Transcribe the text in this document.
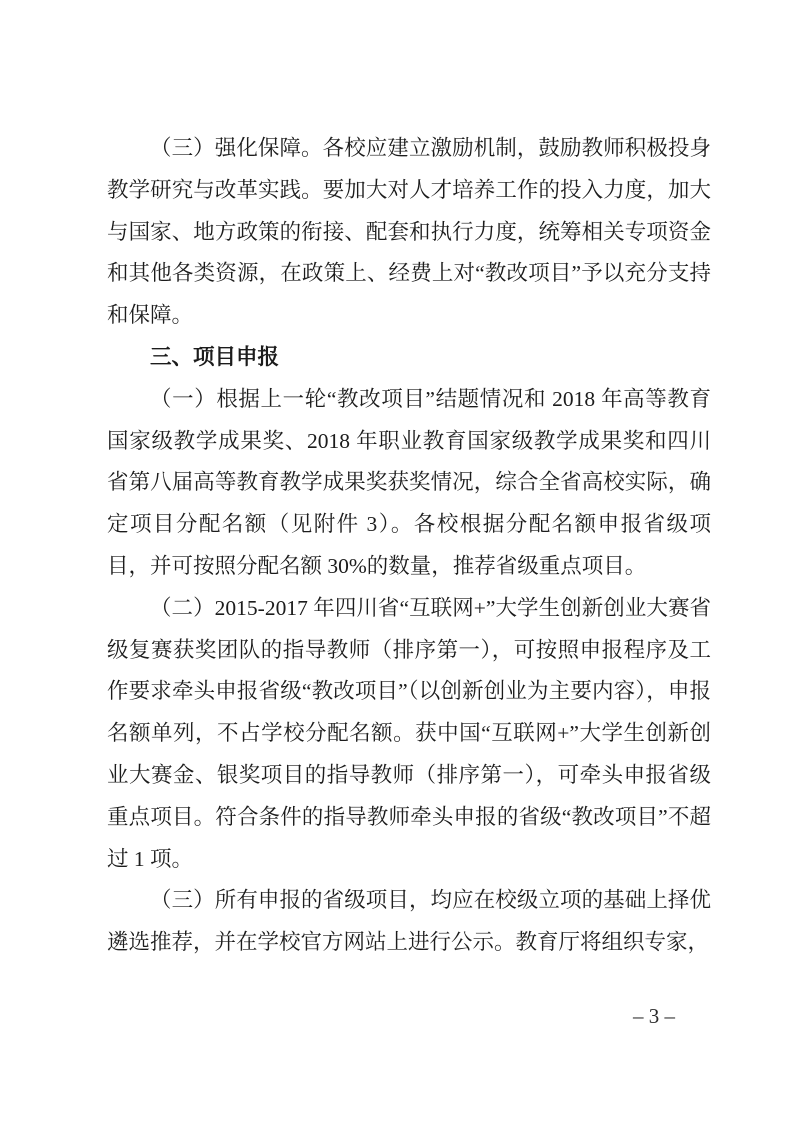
（三）强化保障。各校应建立激励机制，鼓励教师积极投身教学研究与改革实践。要加大对人才培养工作的投入力度，加大与国家、地方政策的衔接、配套和执行力度，统筹相关专项资金和其他各类资源，在政策上、经费上对“教改项目”予以充分支持和保障。

三、项目申报

（一）根据上一轮“教改项目”结题情况和 2018 年高等教育国家级教学成果奖、2018 年职业教育国家级教学成果奖和四川省第八届高等教育教学成果奖获奖情况，综合全省高校实际，确定项目分配名额（见附件 3）。各校根据分配名额申报省级项目，并可按照分配名额 30%的数量，推荐省级重点项目。

（二）2015-2017 年四川省“互联网+”大学生创新创业大赛省级复赛获奖团队的指导教师（排序第一），可按照申报程序及工作要求牵头申报省级“教改项目”（以创新创业为主要内容），申报名额单列，不占学校分配名额。获中国“互联网+”大学生创新创业大赛金、银奖项目的指导教师（排序第一），可牵头申报省级重点项目。符合条件的指导教师牵头申报的省级“教改项目”不超过 1 项。

（三）所有申报的省级项目，均应在校级立项的基础上择优遴选推荐，并在学校官方网站上进行公示。教育厅将组织专家，

– 3 –
